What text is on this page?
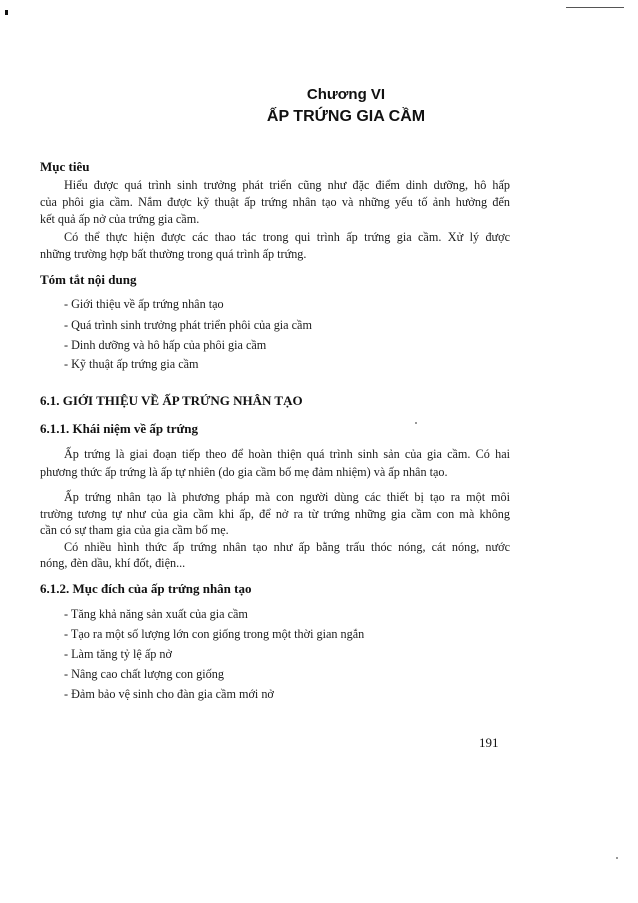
Chương VI
ẤP TRỨNG GIA CẦM
Mục tiêu
Hiểu được quá trình sinh trưởng phát triển cũng như đặc điểm dinh dưỡng, hô hấp
của phôi gia cầm. Nắm được kỹ thuật ấp trứng nhân tạo và những yếu tố ảnh hưởng đến
kết quả ấp nở của trứng gia cầm.
Có thể thực hiện được các thao tác trong qui trình ấp trứng gia cầm. Xử lý được
những trường hợp bất thường trong quá trình ấp trứng.
Tóm tắt nội dung
- Giới thiệu về ấp trứng nhân tạo
- Quá trình sinh trưởng phát triển phôi của gia cầm
- Dinh dưỡng và hô hấp của phôi gia cầm
- Kỹ thuật ấp trứng gia cầm
6.1. GIỚI THIỆU VỀ ẤP TRỨNG NHÂN TẠO
6.1.1. Khái niệm về ấp trứng
Ấp trứng là giai đoạn tiếp theo để hoàn thiện quá trình sinh sản của gia cầm. Có hai
phương thức ấp trứng là ấp tự nhiên (do gia cầm bố mẹ đảm nhiệm) và ấp nhân tạo.
Ấp trứng nhân tạo là phương pháp mà con người dùng các thiết bị tạo ra một môi
trường tương tự như của gia cầm khi ấp, để nở ra từ trứng những gia cầm con mà không
cần có sự tham gia của gia cầm bố mẹ.
Có nhiều hình thức ấp trứng nhân tạo như ấp bằng trấu thóc nóng, cát nóng, nước
nóng, đèn dầu, khí đốt, điện...
6.1.2. Mục đích của ấp trứng nhân tạo
- Tăng khả năng sản xuất của gia cầm
- Tạo ra một số lượng lớn con giống trong một thời gian ngắn
- Làm tăng tỷ lệ ấp nở
- Nâng cao chất lượng con giống
- Đảm bảo vệ sinh cho đàn gia cầm mới nở
191
